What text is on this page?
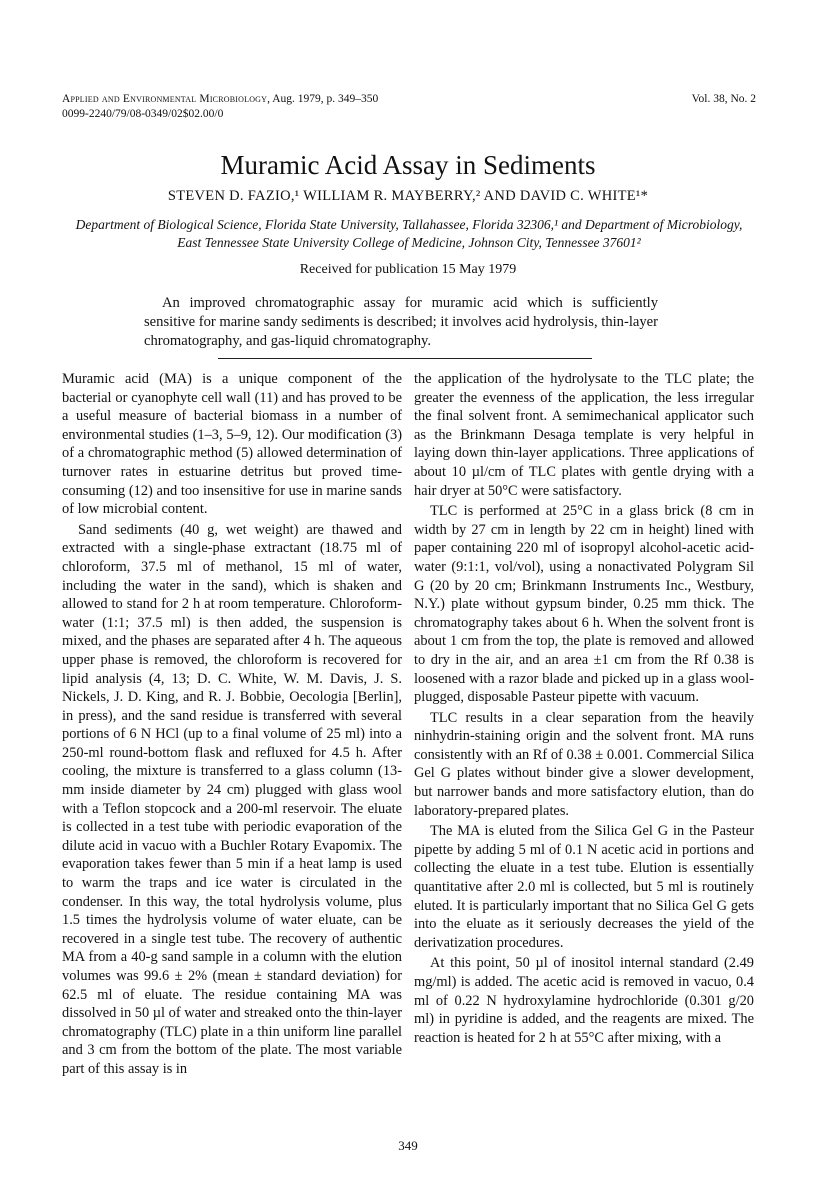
Applied and Environmental Microbiology, Aug. 1979, p. 349–350
0099-2240/79/08-0349/02$02.00/0
Vol. 38, No. 2
Muramic Acid Assay in Sediments
STEVEN D. FAZIO,¹ WILLIAM R. MAYBERRY,² AND DAVID C. WHITE¹*
Department of Biological Science, Florida State University, Tallahassee, Florida 32306,¹ and Department of Microbiology, East Tennessee State University College of Medicine, Johnson City, Tennessee 37601²
Received for publication 15 May 1979
An improved chromatographic assay for muramic acid which is sufficiently sensitive for marine sandy sediments is described; it involves acid hydrolysis, thin-layer chromatography, and gas-liquid chromatography.

Muramic acid (MA) is a unique component of the bacterial or cyanophyte cell wall (11) and has proved to be a useful measure of bacterial biomass in a number of environmental studies (1–3, 5–9, 12). Our modification (3) of a chromatographic method (5) allowed determination of turnover rates in estuarine detritus but proved time-consuming (12) and too insensitive for use in marine sands of low microbial content.

Sand sediments (40 g, wet weight) are thawed and extracted with a single-phase extractant (18.75 ml of chloroform, 37.5 ml of methanol, 15 ml of water, including the water in the sand), which is shaken and allowed to stand for 2 h at room temperature. Chloroform-water (1:1; 37.5 ml) is then added, the suspension is mixed, and the phases are separated after 4 h. The aqueous upper phase is removed, the chloroform is recovered for lipid analysis (4, 13; D. C. White, W. M. Davis, J. S. Nickels, J. D. King, and R. J. Bobbie, Oecologia [Berlin], in press), and the sand residue is transferred with several portions of 6 N HCl (up to a final volume of 25 ml) into a 250-ml round-bottom flask and refluxed for 4.5 h. After cooling, the mixture is transferred to a glass column (13-mm inside diameter by 24 cm) plugged with glass wool with a Teflon stopcock and a 200-ml reservoir. The eluate is collected in a test tube with periodic evaporation of the dilute acid in vacuo with a Buchler Rotary Evapomix. The evaporation takes fewer than 5 min if a heat lamp is used to warm the traps and ice water is circulated in the condenser. In this way, the total hydrolysis volume, plus 1.5 times the hydrolysis volume of water eluate, can be recovered in a single test tube. The recovery of authentic MA from a 40-g sand sample in a column with the elution volumes was 99.6 ± 2% (mean ± standard deviation) for 62.5 ml of eluate. The residue containing MA was dissolved in 50 µl of water and streaked onto the thin-layer chromatography (TLC) plate in a thin uniform line parallel and 3 cm from the bottom of the plate. The most variable part of this assay is in

the application of the hydrolysate to the TLC plate; the greater the evenness of the application, the less irregular the final solvent front. A semimechanical applicator such as the Brinkmann Desaga template is very helpful in laying down thin-layer applications. Three applications of about 10 µl/cm of TLC plates with gentle drying with a hair dryer at 50°C were satisfactory.

TLC is performed at 25°C in a glass brick (8 cm in width by 27 cm in length by 22 cm in height) lined with paper containing 220 ml of isopropyl alcohol-acetic acid-water (9:1:1, vol/vol), using a nonactivated Polygram Sil G (20 by 20 cm; Brinkmann Instruments Inc., Westbury, N.Y.) plate without gypsum binder, 0.25 mm thick. The chromatography takes about 6 h. When the solvent front is about 1 cm from the top, the plate is removed and allowed to dry in the air, and an area ±1 cm from the Rf 0.38 is loosened with a razor blade and picked up in a glass wool-plugged, disposable Pasteur pipette with vacuum.

TLC results in a clear separation from the heavily ninhydrin-staining origin and the solvent front. MA runs consistently with an Rf of 0.38 ± 0.001. Commercial Silica Gel G plates without binder give a slower development, but narrower bands and more satisfactory elution, than do laboratory-prepared plates.

The MA is eluted from the Silica Gel G in the Pasteur pipette by adding 5 ml of 0.1 N acetic acid in portions and collecting the eluate in a test tube. Elution is essentially quantitative after 2.0 ml is collected, but 5 ml is routinely eluted. It is particularly important that no Silica Gel G gets into the eluate as it seriously decreases the yield of the derivatization procedures.

At this point, 50 µl of inositol internal standard (2.49 mg/ml) is added. The acetic acid is removed in vacuo, 0.4 ml of 0.22 N hydroxylamine hydrochloride (0.301 g/20 ml) in pyridine is added, and the reagents are mixed. The reaction is heated for 2 h at 55°C after mixing, with a

349
